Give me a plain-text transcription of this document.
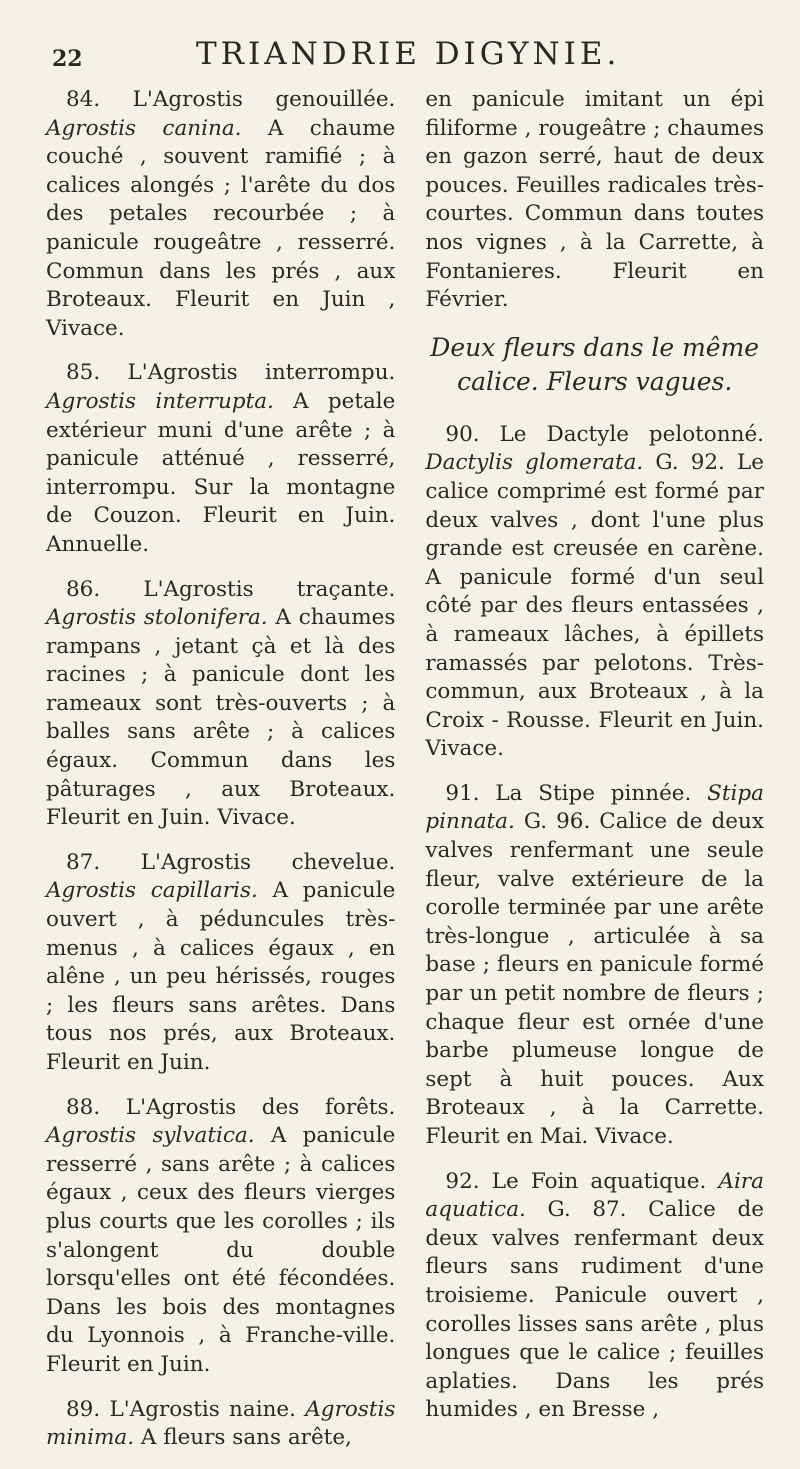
22	TRIANDRIE DIGYNIE.

84. L'Agrostis genouillée. Agrostis canina. A chaume couché , souvent ramifié ; à calices alongés ; l'arête du dos des petales recourbée ; à panicule rougeâtre , resserré. Commun dans les prés , aux Broteaux. Fleurit en Juin , Vivace.

85. L'Agrostis interrompu. Agrostis interrupta. A petale extérieur muni d'une arête ; à panicule atténué , resserré, interrompu. Sur la montagne de Couzon. Fleurit en Juin. Annuelle.

86. L'Agrostis traçante. Agrostis stolonifera. A chaumes rampans , jetant çà et là des racines ; à panicule dont les rameaux sont très-ouverts ; à balles sans arête ; à calices égaux. Commun dans les pâturages , aux Broteaux. Fleurit en Juin. Vivace.

87. L'Agrostis chevelue. Agrostis capillaris. A panicule ouvert , à péduncules très-menus , à calices égaux , en alêne , un peu hérissés, rouges ; les fleurs sans arêtes. Dans tous nos prés, aux Broteaux. Fleurit en Juin.

88. L'Agrostis des forêts. Agrostis sylvatica. A panicule resserré , sans arête ; à calices égaux , ceux des fleurs vierges plus courts que les corolles ; ils s'alongent du double lorsqu'elles ont été fécondées. Dans les bois des montagnes du Lyonnois , à Franche-ville. Fleurit en Juin.

89. L'Agrostis naine. Agrostis minima. A fleurs sans arête,

en panicule imitant un épi filiforme , rougeâtre ; chaumes en gazon serré, haut de deux pouces. Feuilles radicales très-courtes. Commun dans toutes nos vignes , à la Carrette, à Fontanieres. Fleurit en Février.

Deux fleurs dans le même calice. Fleurs vagues.

90. Le Dactyle pelotonné. Dactylis glomerata. G. 92. Le calice comprimé est formé par deux valves , dont l'une plus grande est creusée en carène. A panicule formé d'un seul côté par des fleurs entassées , à rameaux lâches, à épillets ramassés par pelotons. Très-commun, aux Broteaux , à la Croix - Rousse. Fleurit en Juin. Vivace.

91. La Stipe pinnée. Stipa pinnata. G. 96. Calice de deux valves renfermant une seule fleur, valve extérieure de la corolle terminée par une arête très-longue , articulée à sa base ; fleurs en panicule formé par un petit nombre de fleurs ; chaque fleur est ornée d'une barbe plumeuse longue de sept à huit pouces. Aux Broteaux , à la Carrette. Fleurit en Mai. Vivace.

92. Le Foin aquatique. Aira aquatica. G. 87. Calice de deux valves renfermant deux fleurs sans rudiment d'une troisieme. Panicule ouvert , corolles lisses sans arête , plus longues que le calice ; feuilles aplaties. Dans les prés humides , en Bresse ,
